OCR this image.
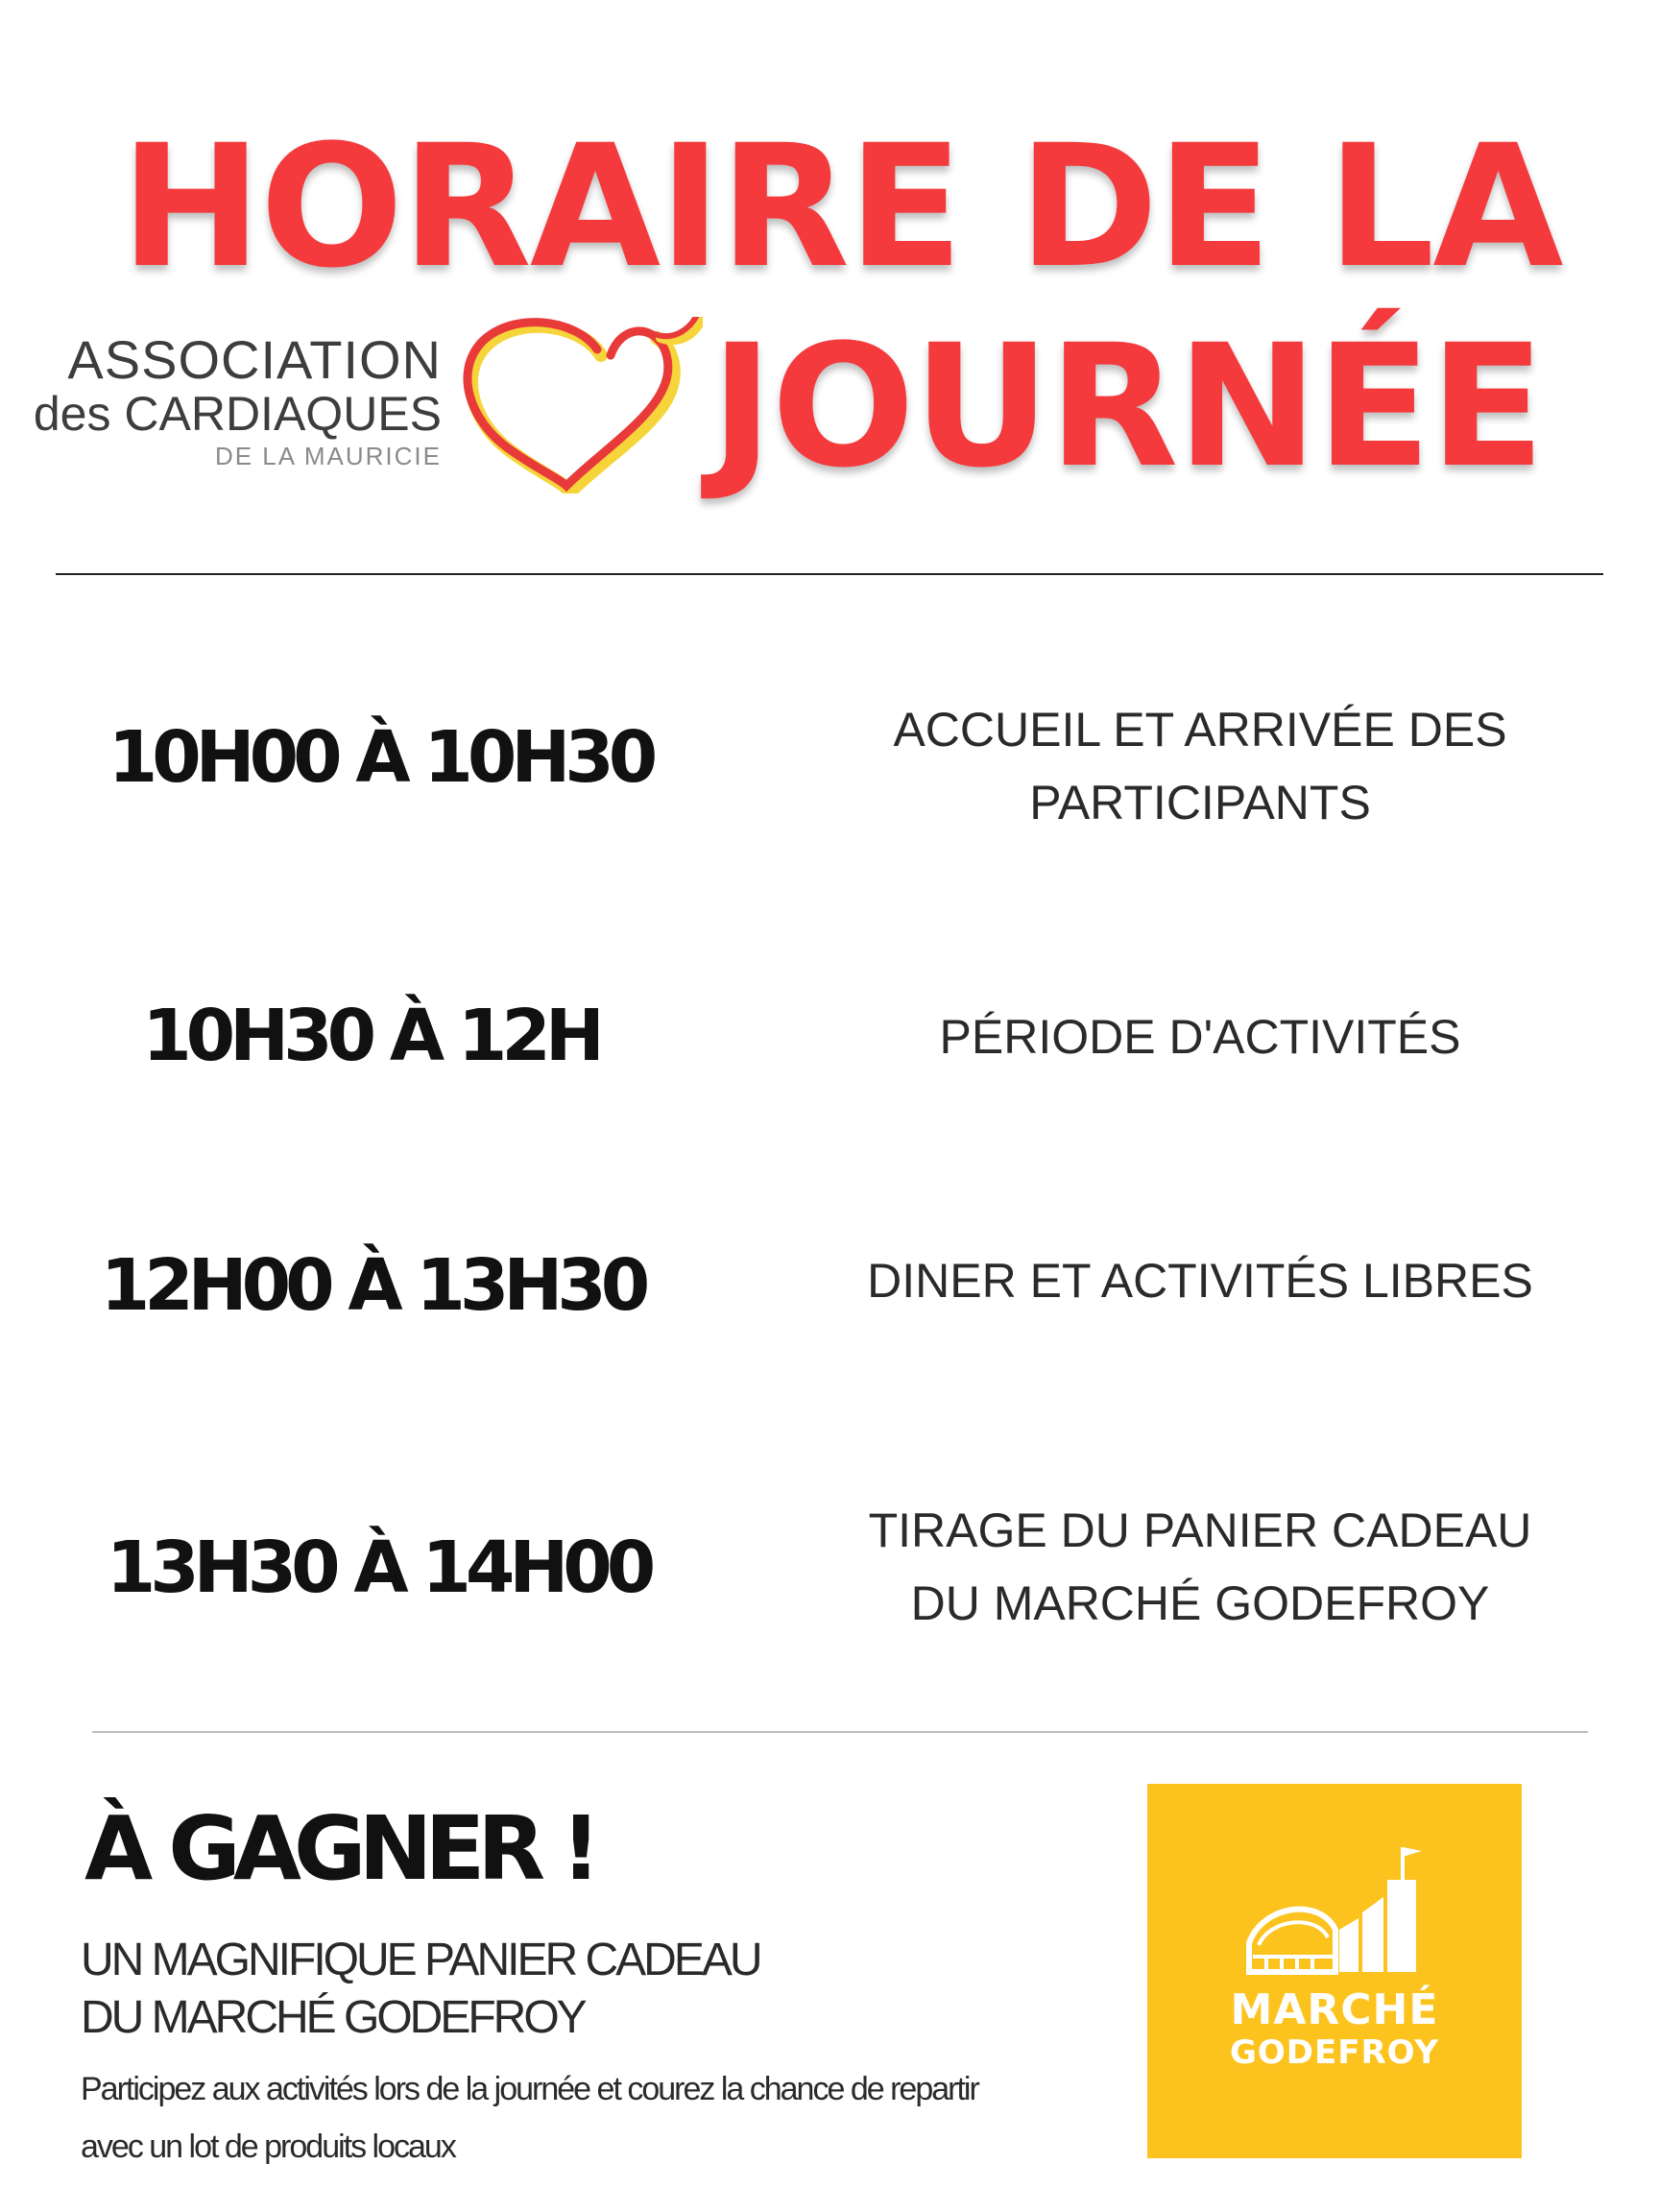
HORAIRE DE LA
JOURNÉE
ASSOCIATION
des CARDIAQUES
DE LA MAURICIE
10H00 À 10H30	ACCUEIL ET ARRIVÉE DES
PARTICIPANTS
10H30 À 12H	PÉRIODE D'ACTIVITÉS
12H00 À 13H30	DINER ET ACTIVITÉS LIBRES
13H30 À 14H00	TIRAGE DU PANIER CADEAU
DU MARCHÉ GODEFROY
À GAGNER !
UN MAGNIFIQUE PANIER CADEAU
DU MARCHÉ GODEFROY
Participez aux activités lors de la journée et courez la chance de repartir avec un lot de produits locaux
MARCHÉ
GODEFROY
